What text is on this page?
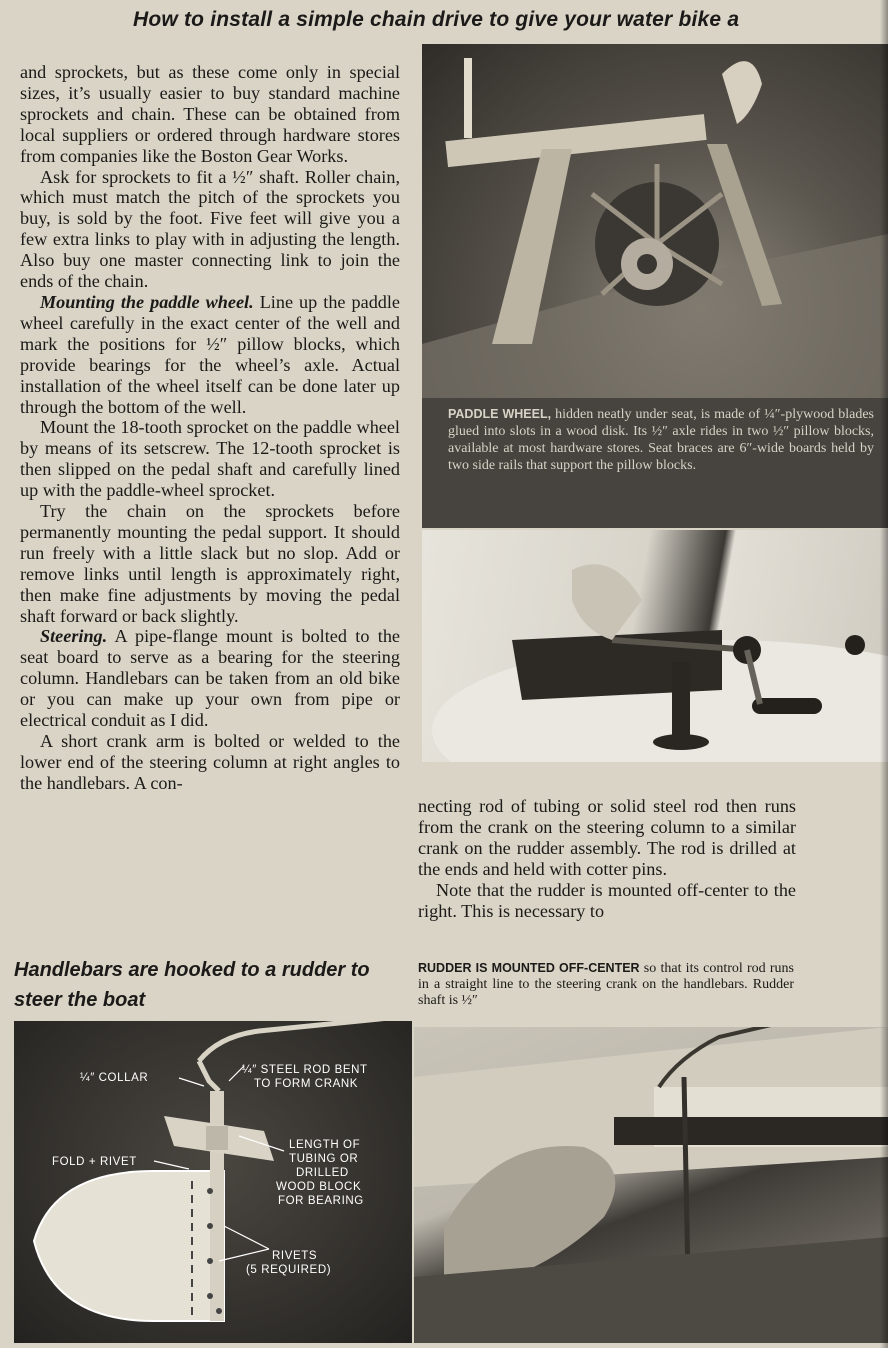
How to install a simple chain drive to give your water bike a

and sprockets, but as these come only in special sizes, it’s usually easier to buy standard machine sprockets and chain. These can be obtained from local suppliers or ordered through hardware stores from companies like the Boston Gear Works.

Ask for sprockets to fit a ½″ shaft. Roller chain, which must match the pitch of the sprockets you buy, is sold by the foot. Five feet will give you a few extra links to play with in adjusting the length. Also buy one master connecting link to join the ends of the chain.

Mounting the paddle wheel. Line up the paddle wheel carefully in the exact center of the well and mark the positions for ½″ pillow blocks, which provide bearings for the wheel’s axle. Actual installation of the wheel itself can be done later up through the bottom of the well.

Mount the 18-tooth sprocket on the paddle wheel by means of its setscrew. The 12-tooth sprocket is then slipped on the pedal shaft and carefully lined up with the paddle-wheel sprocket.

Try the chain on the sprockets before permanently mounting the pedal support. It should run freely with a little slack but no slop. Add or remove links until length is approximately right, then make fine adjustments by moving the pedal shaft forward or back slightly.

Steering. A pipe-flange mount is bolted to the seat board to serve as a bearing for the steering column. Handlebars can be taken from an old bike or you can make up your own from pipe or electrical conduit as I did.

A short crank arm is bolted or welded to the lower end of the steering column at right angles to the handlebars. A con-

PADDLE WHEEL, hidden neatly under seat, is made of ¼″-plywood blades glued into slots in a wood disk. Its ½″ axle rides in two ½″ pillow blocks, available at most hardware stores. Seat braces are 6″-wide boards held by two side rails that support the pillow blocks.

necting rod of tubing or solid steel rod then runs from the crank on the steering column to a similar crank on the rudder assembly. The rod is drilled at the ends and held with cotter pins.

Note that the rudder is mounted off-center to the right. This is necessary to

Handlebars are hooked to a rudder to steer the boat
RUDDER IS MOUNTED OFF-CENTER so that its control rod runs in a straight line to the steering crank on the handlebars. Rudder shaft is ½″
¼″ COLLAR
¼″ STEEL ROD BENT
TO FORM CRANK
LENGTH OF
TUBING OR
DRILLED
WOOD BLOCK
FOR BEARING
FOLD + RIVET
RIVETS
(5 REQUIRED)
